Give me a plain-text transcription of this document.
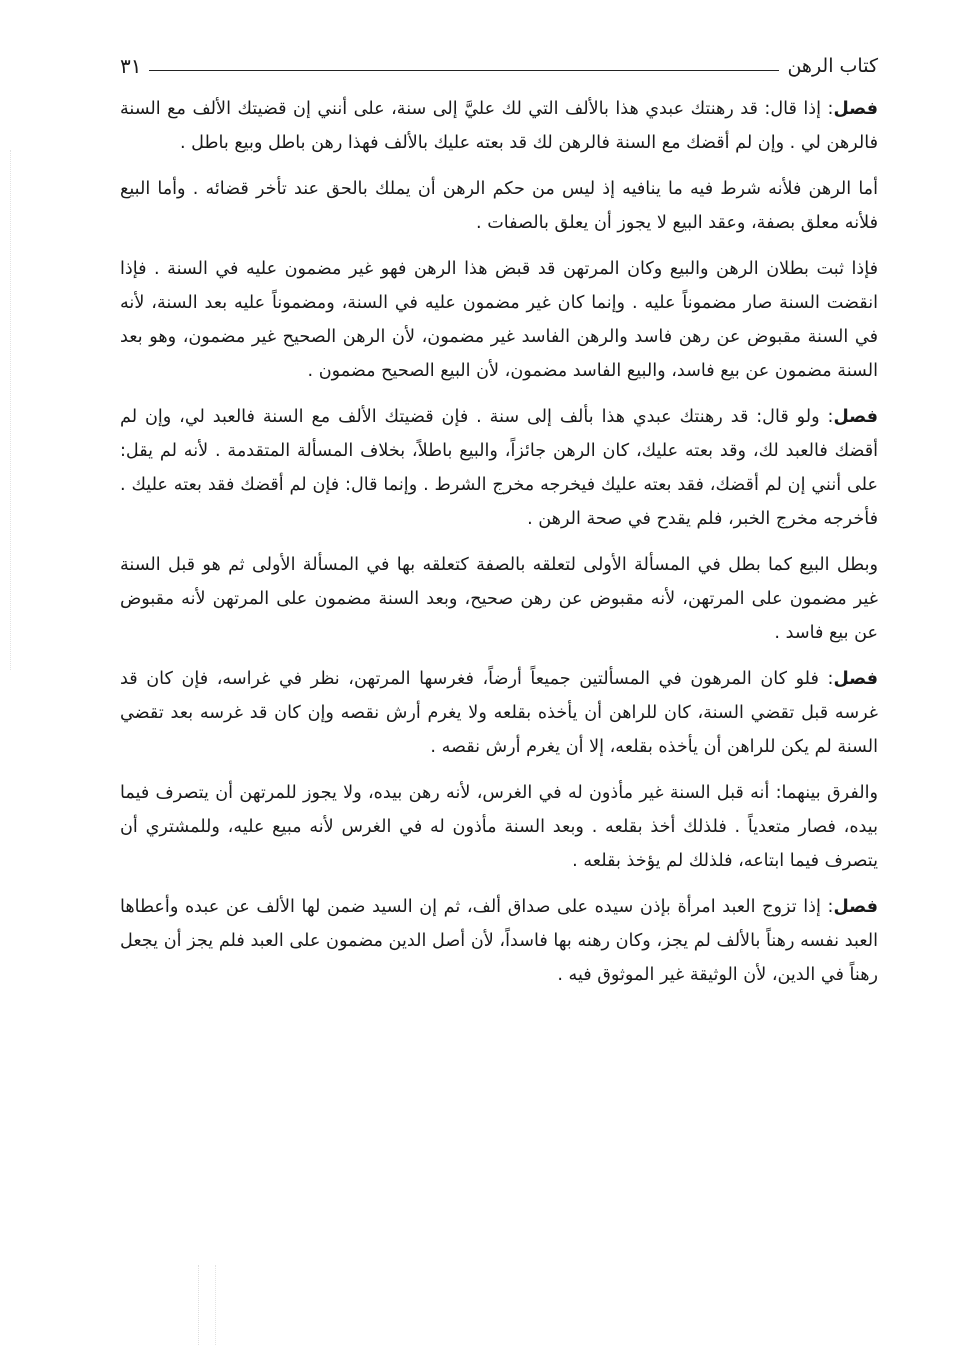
كتاب الرهن
٣١

فصل: إذا قال: قد رهنتك عبدي هذا بالألف التي لك عليَّ إلى سنة، على أنني إن قضيتك الألف مع السنة فالرهن لي . وإن لم أقضك مع السنة فالرهن لك قد بعته عليك بالألف فهذا رهن باطل وبيع باطل .

أما الرهن فلأنه شرط فيه ما ينافيه إذ ليس من حكم الرهن أن يملك بالحق عند تأخر قضائه . وأما البيع فلأنه معلق بصفة، وعقد البيع لا يجوز أن يعلق بالصفات .

فإذا ثبت بطلان الرهن والبيع وكان المرتهن قد قبض هذا الرهن فهو غير مضمون عليه في السنة . فإذا انقضت السنة صار مضموناً عليه . وإنما كان غير مضمون عليه في السنة، ومضموناً عليه بعد السنة، لأنه في السنة مقبوض عن رهن فاسد والرهن الفاسد غير مضمون، لأن الرهن الصحيح غير مضمون، وهو بعد السنة مضمون عن بيع فاسد، والبيع الفاسد مضمون، لأن البيع الصحيح مضمون .

فصل: ولو قال: قد رهنتك عبدي هذا بألف إلى سنة . فإن قضيتك الألف مع السنة فالعبد لي، وإن لم أقضك فالعبد لك، وقد بعته عليك، كان الرهن جائزاً، والبيع باطلاً، بخلاف المسألة المتقدمة . لأنه لم يقل: على أنني إن لم أقضك، فقد بعته عليك فيخرجه مخرج الشرط . وإنما قال: فإن لم أقضك فقد بعته عليك . فأخرجه مخرج الخبر، فلم يقدح في صحة الرهن .

وبطل البيع كما بطل في المسألة الأولى لتعلقه بالصفة كتعلقه بها في المسألة الأولى ثم هو قبل السنة غير مضمون على المرتهن، لأنه مقبوض عن رهن صحيح، وبعد السنة مضمون على المرتهن لأنه مقبوض عن بيع فاسد .

فصل: فلو كان المرهون في المسألتين جميعاً أرضاً، فغرسها المرتهن، نظر في غراسه، فإن كان قد غرسه قبل تقضي السنة، كان للراهن أن يأخذه بقلعه ولا يغرم أرش نقصه وإن كان قد غرسه بعد تقضي السنة لم يكن للراهن أن يأخذه بقلعه، إلا أن يغرم أرش نقصه .

والفرق بينهما: أنه قبل السنة غير مأذون له في الغرس، لأنه رهن بيده، ولا يجوز للمرتهن أن يتصرف فيما بيده، فصار متعدياً . فلذلك أخذ بقلعه . وبعد السنة مأذون له في الغرس لأنه مبيع عليه، وللمشتري أن يتصرف فيما ابتاعه، فلذلك لم يؤخذ بقلعه .

فصل: إذا تزوج العبد امرأة بإذن سيده على صداق ألف، ثم إن السيد ضمن لها الألف عن عبده وأعطاها العبد نفسه رهناً بالألف لم يجز، وكان رهنه بها فاسداً، لأن أصل الدين مضمون على العبد فلم يجز أن يجعل رهناً في الدين، لأن الوثيقة غير الموثوق فيه .
